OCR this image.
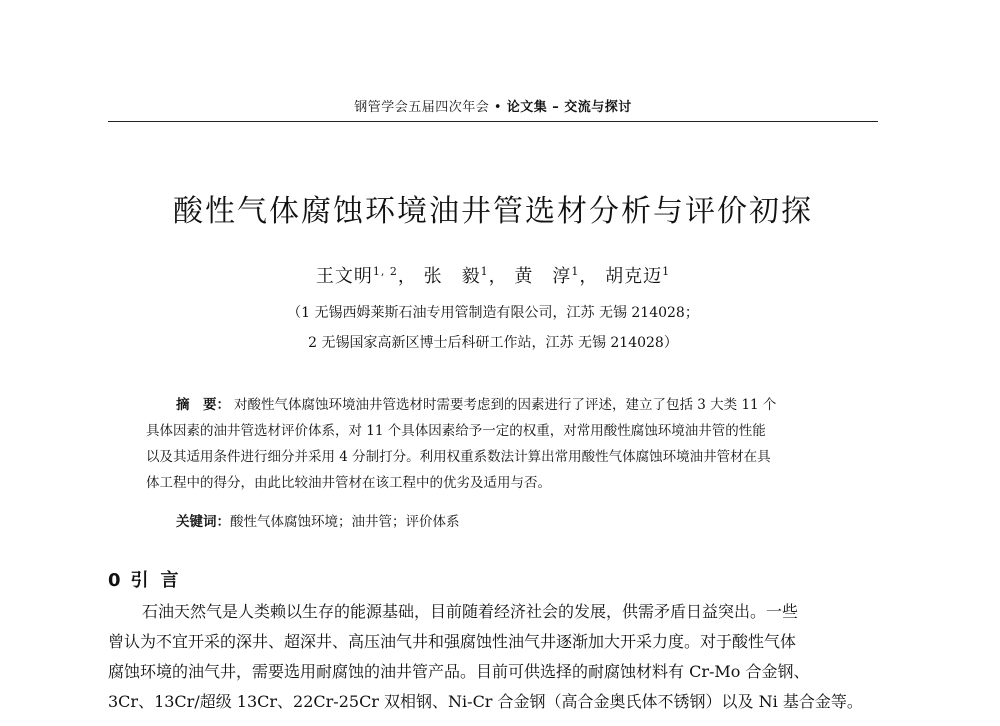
钢管学会五届四次年会 • 论文集 – 交流与探讨
酸性气体腐蚀环境油井管选材分析与评价初探
王文明$^{1, 2}$， 张　毅$^1$， 黄　淳$^1$， 胡克迈$^1$
（1 无锡西姆莱斯石油专用管制造有限公司，江苏 无锡 214028；
2 无锡国家高新区博士后科研工作站，江苏 无锡 214028）
摘　要： 对酸性气体腐蚀环境油井管选材时需要考虑到的因素进行了评述，建立了包括 3 大类 11 个
具体因素的油井管选材评价体系，对 11 个具体因素给予一定的权重，对常用酸性腐蚀环境油井管的性能
以及其适用条件进行细分并采用 4 分制打分。利用权重系数法计算出常用酸性气体腐蚀环境油井管材在具
体工程中的得分，由此比较油井管材在该工程中的优劣及适用与否。
关键词：酸性气体腐蚀环境；油井管；评价体系
0 引言
石油天然气是人类赖以生存的能源基础，目前随着经济社会的发展，供需矛盾日益突出。一些
曾认为不宜开采的深井、超深井、高压油气井和强腐蚀性油气井逐渐加大开采力度。对于酸性气体
腐蚀环境的油气井，需要选用耐腐蚀的油井管产品。目前可供选择的耐腐蚀材料有 Cr-Mo 合金钢、
3Cr、13Cr/超级 13Cr、22Cr-25Cr 双相钢、Ni-Cr 合金钢（高合金奥氏体不锈钢）以及 Ni 基合金等。
